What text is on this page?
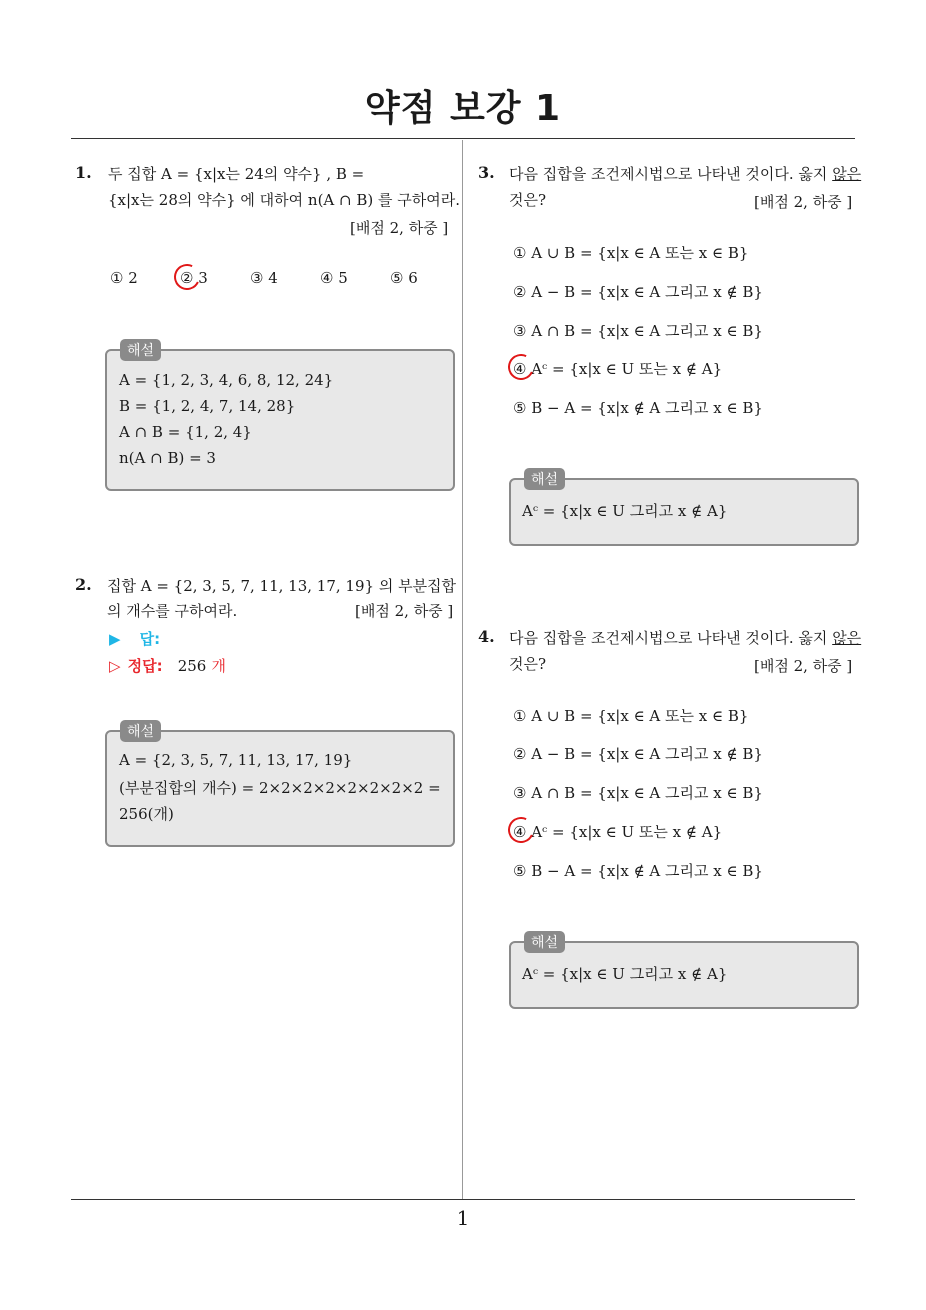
약점 보강 1
1
1. 두 집합 A = {x|x는 24의 약수} , B =
{x|x는 28의 약수} 에 대하여 n(A ∩ B) 를 구하여라.
[배점 2, 하중 ]
① 2	② 3	③ 4	④ 5	⑤ 6
해설
A = {1, 2, 3, 4, 6, 8, 12, 24}
B = {1, 2, 4, 7, 14, 28}
A ∩ B = {1, 2, 4}
n(A ∩ B) = 3
2. 집합 A = {2, 3, 5, 7, 11, 13, 17, 19} 의 부분집합
의 개수를 구하여라.	[배점 2, 하중 ]
▶ 답:
▷ 정답: 256 개
해설
A = {2, 3, 5, 7, 11, 13, 17, 19}
(부분집합의 개수) = 2×2×2×2×2×2×2×2 =
256(개)
3. 다음 집합을 조건제시법으로 나타낸 것이다. 옳지 않은
것은?	[배점 2, 하중 ]
① A ∪ B = {x|x ∈ A 또는 x ∈ B}
② A − B = {x|x ∈ A 그리고 x ∉ B}
③ A ∩ B = {x|x ∈ A 그리고 x ∈ B}
④ Aᶜ = {x|x ∈ U 또는 x ∉ A}
⑤ B − A = {x|x ∉ A 그리고 x ∈ B}
해설
Aᶜ = {x|x ∈ U 그리고 x ∉ A}
4. 다음 집합을 조건제시법으로 나타낸 것이다. 옳지 않은
것은?	[배점 2, 하중 ]
① A ∪ B = {x|x ∈ A 또는 x ∈ B}
② A − B = {x|x ∈ A 그리고 x ∉ B}
③ A ∩ B = {x|x ∈ A 그리고 x ∈ B}
④ Aᶜ = {x|x ∈ U 또는 x ∉ A}
⑤ B − A = {x|x ∉ A 그리고 x ∈ B}
해설
Aᶜ = {x|x ∈ U 그리고 x ∉ A}
